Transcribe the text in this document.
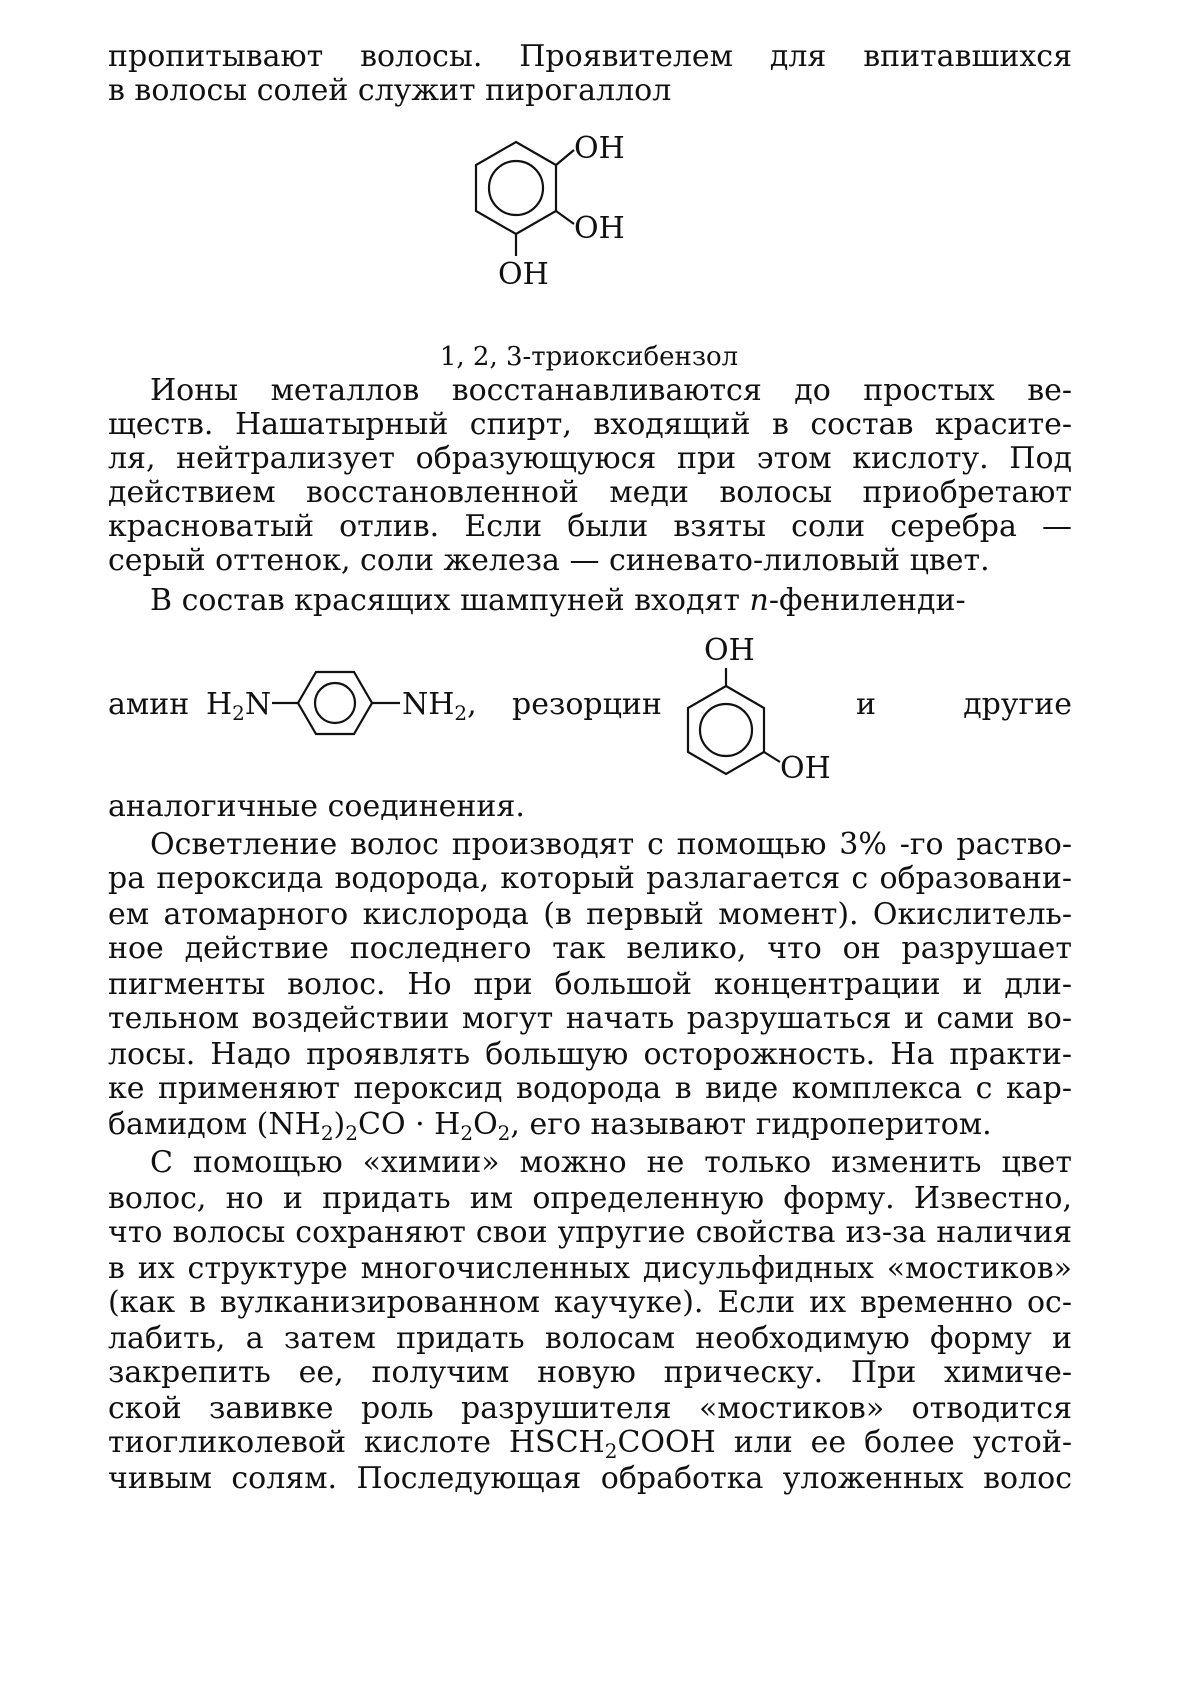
пропитывают волосы. Проявителем для впитавшихся
в волосы солей служит пирогаллол
OH
OH
OH
1, 2, 3-триоксибензол
Ионы металлов восстанавливаются до простых ве-
ществ. Нашатырный спирт, входящий в состав красите-
ля, нейтрализует образующуюся при этом кислоту. Под
действием восстановленной меди волосы приобретают
красноватый отлив. Если были взяты соли серебра —
серый оттенок, соли железа — синевато-лиловый цвет.
В состав красящих шампуней входят n-фениленди-
амин $H_2N$	$NH_2$, резорцин
OH
OH
и другие
аналогичные соединения.
Осветление волос производят с помощью 3% -го раство-
ра пероксида водорода, который разлагается с образовани-
ем атомарного кислорода (в первый момент). Окислитель-
ное действие последнего так велико, что он разрушает
пигменты волос. Но при большой концентрации и дли-
тельном воздействии могут начать разрушаться и сами во-
лосы. Надо проявлять большую осторожность. На практи-
ке применяют пероксид водорода в виде комплекса с кар-
бамидом $(NH_2)_2CO \cdot H_2O_2$, его называют гидроперитом.
С помощью «химии» можно не только изменить цвет
волос, но и придать им определенную форму. Известно,
что волосы сохраняют свои упругие свойства из-за наличия
в их структуре многочисленных дисульфидных «мостиков»
(как в вулканизированном каучуке). Если их временно ос-
лабить, а затем придать волосам необходимую форму и
закрепить ее, получим новую прическу. При химиче-
ской завивке роль разрушителя «мостиков» отводится
тиогликолевой кислоте $HSCH_2COOH$ или ее более устой-
чивым солям. Последующая обработка уложенных волос
